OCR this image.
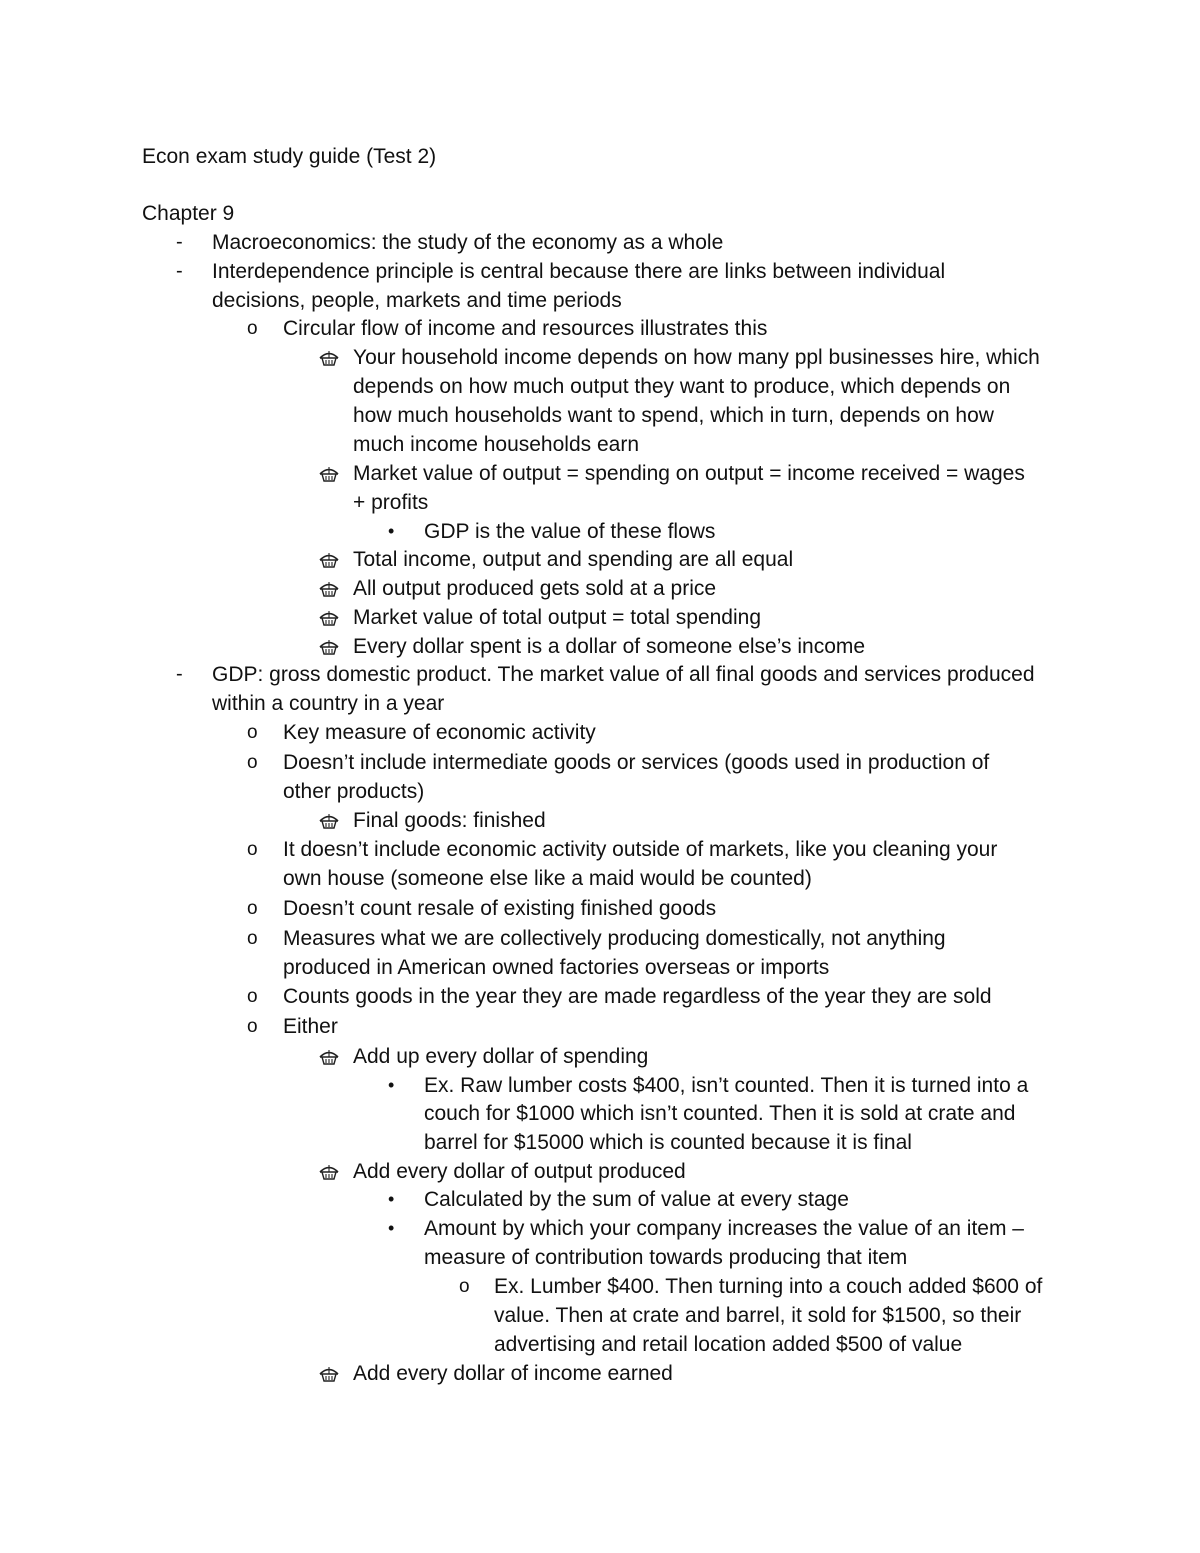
Econ exam study guide (Test 2)
Chapter 9
- Macroeconomics: the study of the economy as a whole
- Interdependence principle is central because there are links between individual
decisions, people, markets and time periods
o Circular flow of income and resources illustrates this
Your household income depends on how many ppl businesses hire, which
depends on how much output they want to produce, which depends on
how much households want to spend, which in turn, depends on how
much income households earn
Market value of output = spending on output = income received = wages
+ profits
• GDP is the value of these flows
Total income, output and spending are all equal
All output produced gets sold at a price
Market value of total output = total spending
Every dollar spent is a dollar of someone else’s income
- GDP: gross domestic product. The market value of all final goods and services produced
within a country in a year
o Key measure of economic activity
o Doesn’t include intermediate goods or services (goods used in production of
other products)
Final goods: finished
o It doesn’t include economic activity outside of markets, like you cleaning your
own house (someone else like a maid would be counted)
o Doesn’t count resale of existing finished goods
o Measures what we are collectively producing domestically, not anything
produced in American owned factories overseas or imports
o Counts goods in the year they are made regardless of the year they are sold
o Either
Add up every dollar of spending
• Ex. Raw lumber costs $400, isn’t counted. Then it is turned into a
couch for $1000 which isn’t counted. Then it is sold at crate and
barrel for $15000 which is counted because it is final
Add every dollar of output produced
• Calculated by the sum of value at every stage
• Amount by which your company increases the value of an item –
measure of contribution towards producing that item
o Ex. Lumber $400. Then turning into a couch added $600 of
value. Then at crate and barrel, it sold for $1500, so their
advertising and retail location added $500 of value
Add every dollar of income earned
